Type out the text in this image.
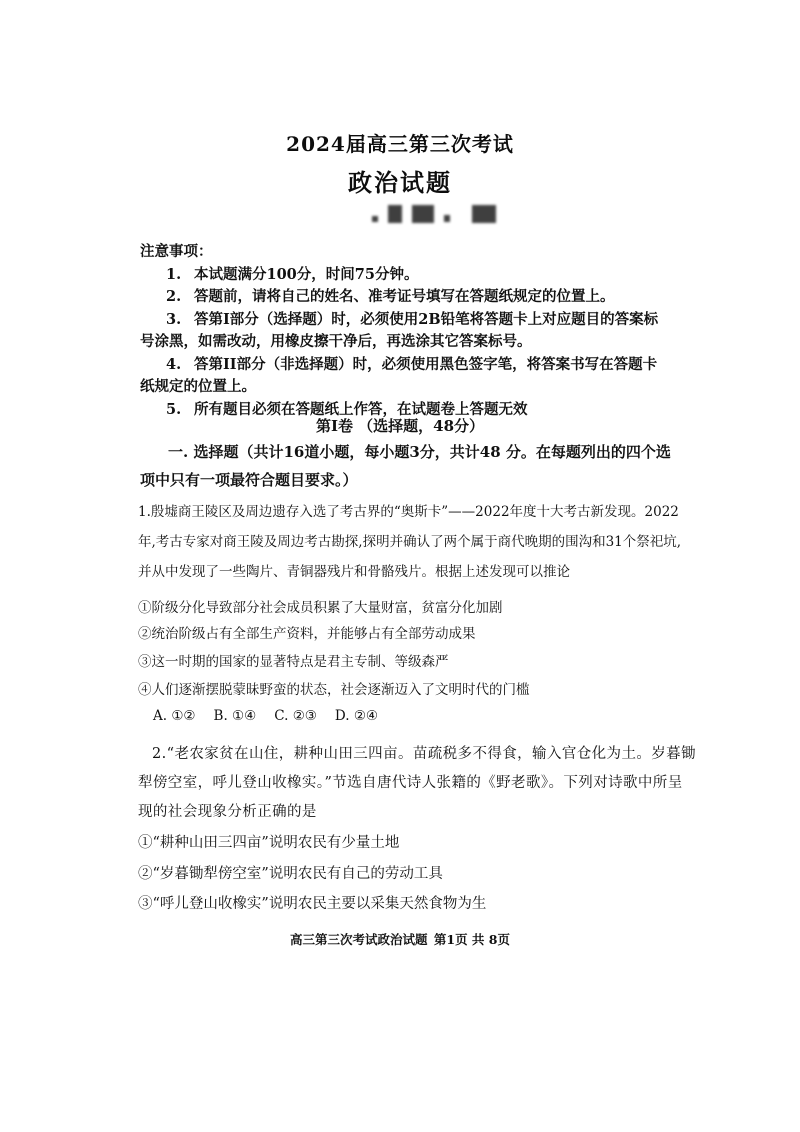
2024届高三第三次考试
政治试题
注意事项：
1. 本试题满分100分，时间75分钟。
2. 答题前，请将自己的姓名、准考证号填写在答题纸规定的位置上。
3. 答第Ⅰ部分（选择题）时，必须使用2B铅笔将答题卡上对应题目的答案标
号涂黑，如需改动，用橡皮擦干净后，再选涂其它答案标号。
4. 答第II部分（非选择题）时，必须使用黑色签字笔，将答案书写在答题卡
纸规定的位置上。
5. 所有题目必须在答题纸上作答，在试题卷上答题无效
第Ⅰ卷 （选择题，48分）
一. 选择题（共计16道小题，每小题3分，共计48 分。在每题列出的四个选
项中只有一项最符合题目要求。）
1.殷墟商王陵区及周边遗存入选了考古界的“奥斯卡”——2022年度十大考古新发现。2022
年,考古专家对商王陵及周边考古勘探,探明并确认了两个属于商代晚期的围沟和31个祭祀坑,
并从中发现了一些陶片、青铜器残片和骨骼残片。根据上述发现可以推论
①阶级分化导致部分社会成员积累了大量财富，贫富分化加剧
②统治阶级占有全部生产资料，并能够占有全部劳动成果
③这一时期的国家的显著特点是君主专制、等级森严
④人们逐渐摆脱蒙昧野蛮的状态，社会逐渐迈入了文明时代的门槛
A. ①② B. ①④ C. ②③ D. ②④
2.“老农家贫在山住，耕种山田三四亩。苗疏税多不得食，输入官仓化为土。岁暮锄
犁傍空室，呼儿登山收橡实。”节选自唐代诗人张籍的《野老歌》。下列对诗歌中所呈
现的社会现象分析正确的是
①“耕种山田三四亩”说明农民有少量土地
②“岁暮锄犁傍空室”说明农民有自己的劳动工具
③“呼儿登山收橡实”说明农民主要以采集天然食物为生
高三第三次考试政治试题 第1页 共 8页
